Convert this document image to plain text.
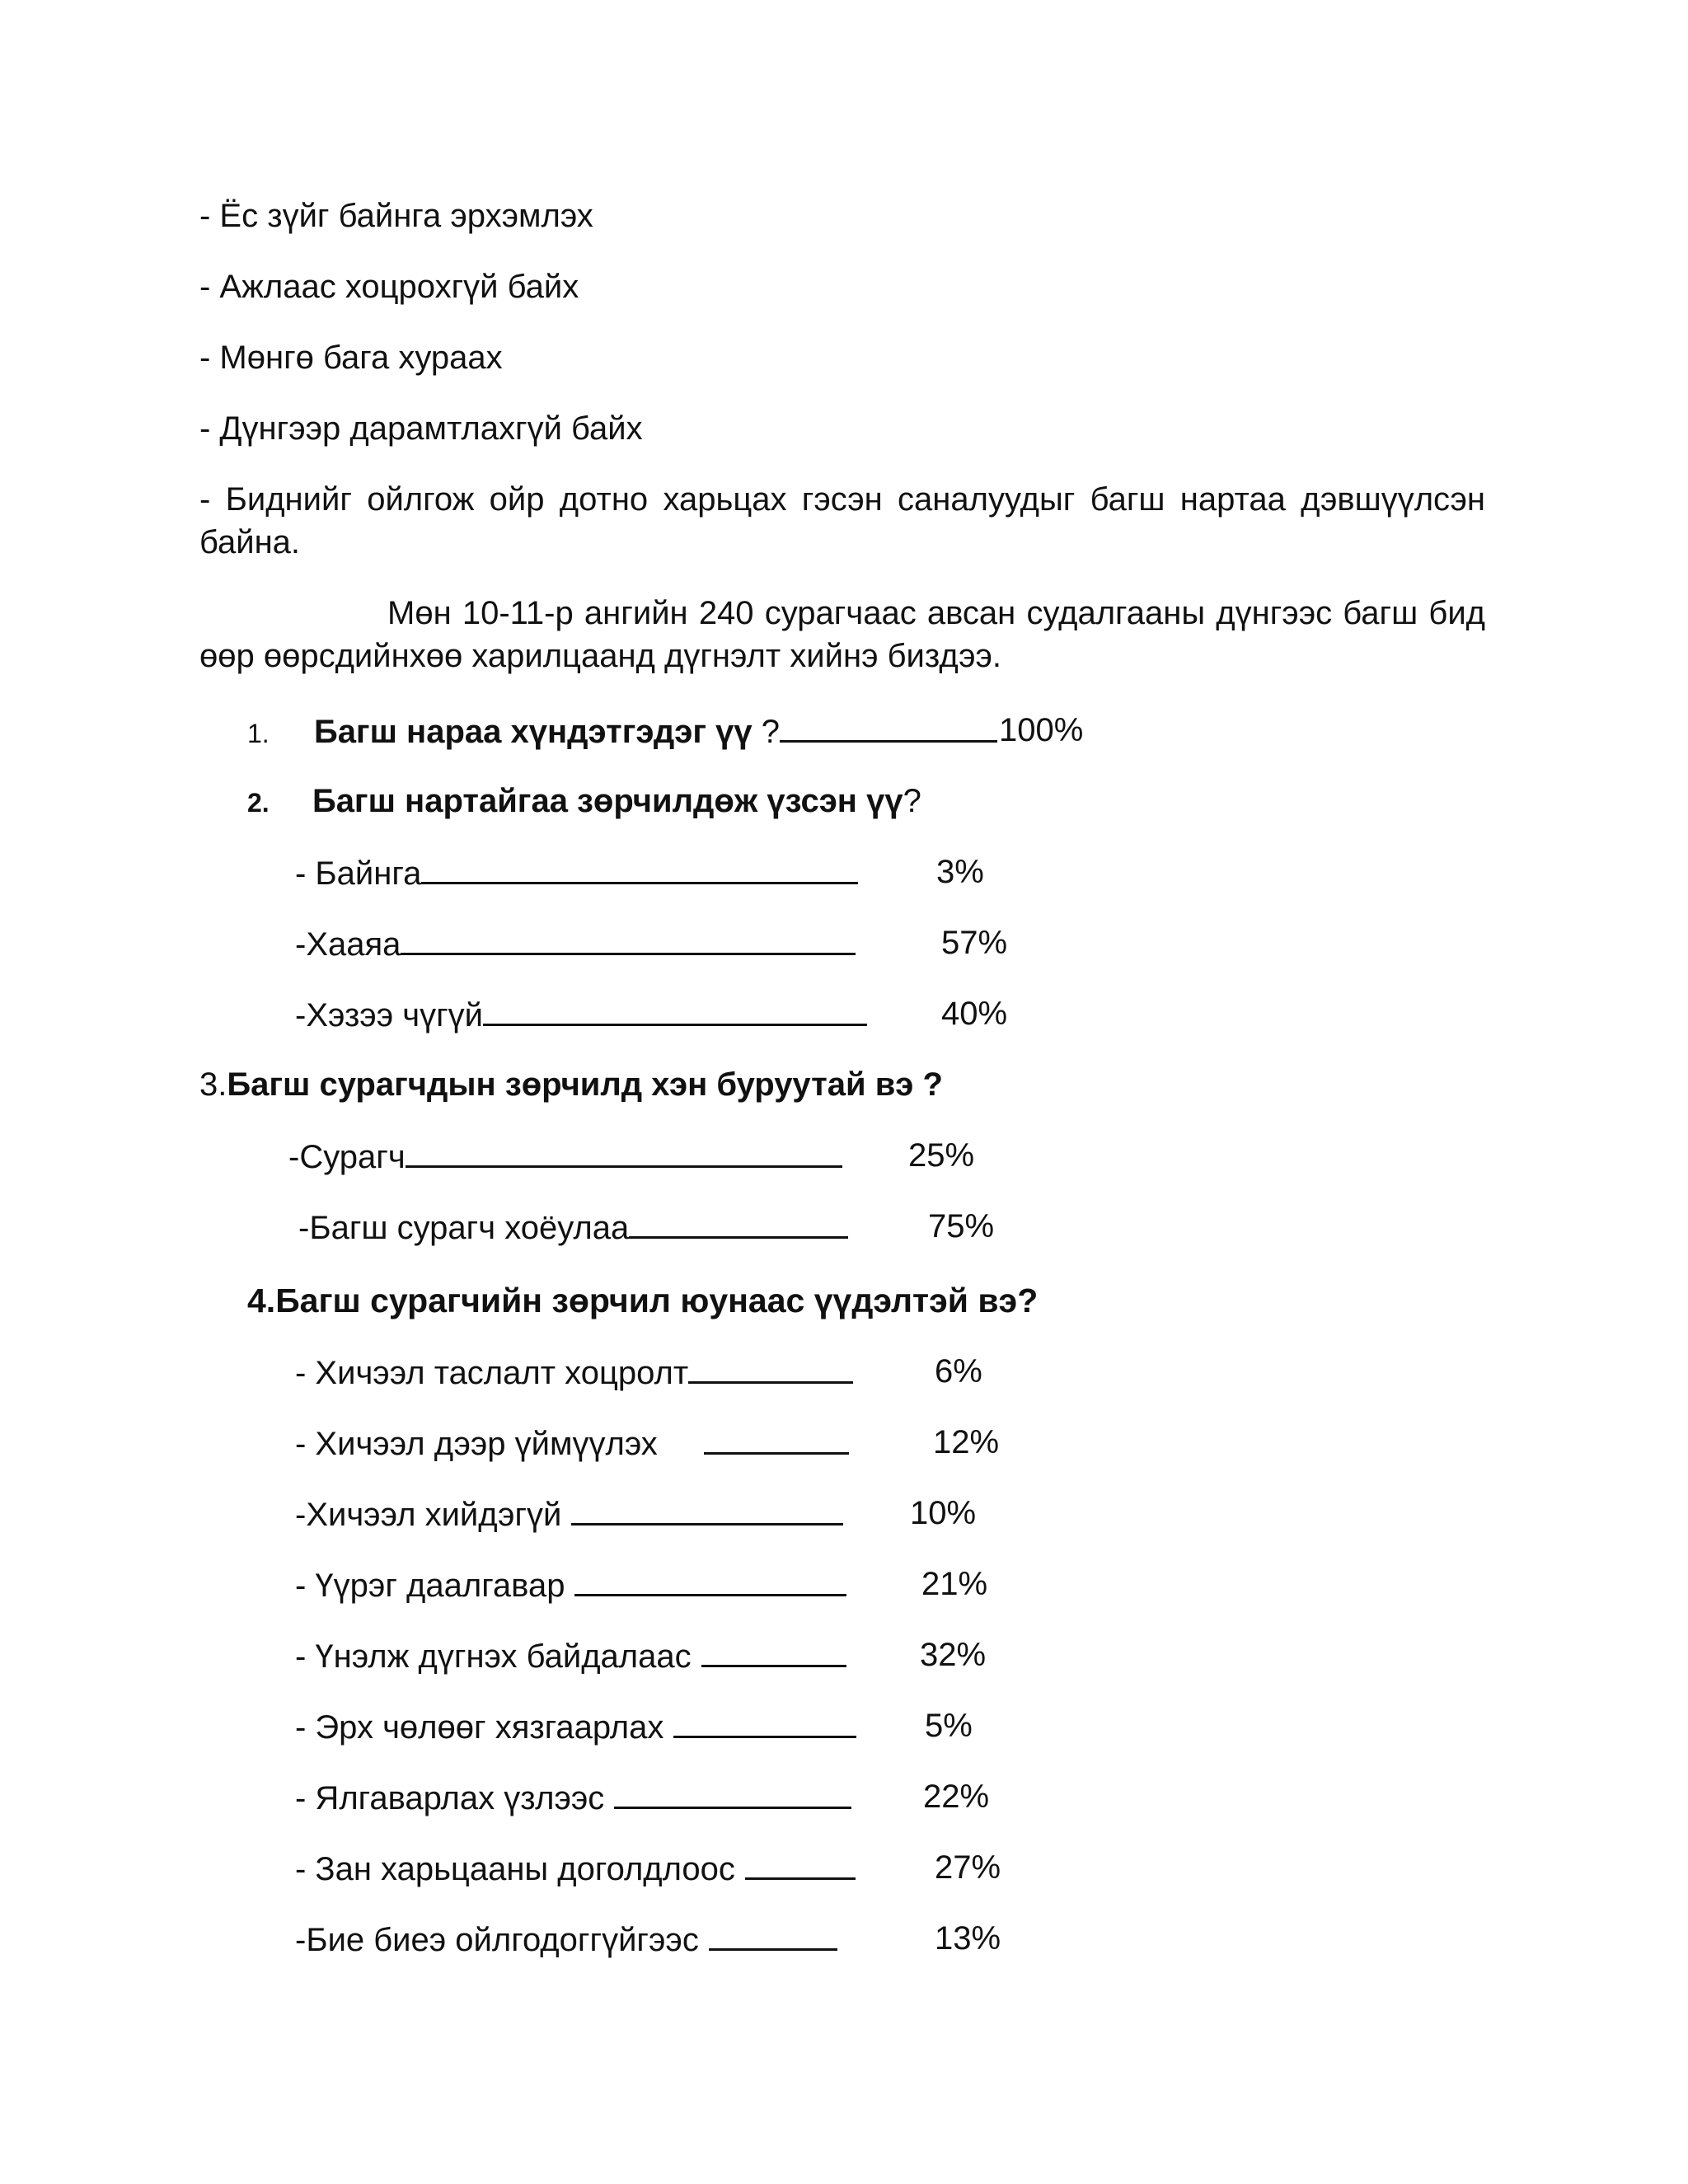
- Ёс зүйг байнга эрхэмлэх
- Ажлаас хоцрохгүй байх
- Мөнгө бага хураах
- Дүнгээр дарамтлахгүй байх
- Биднийг ойлгож ойр дотно харьцах гэсэн саналуудыг багш нартаа дэвшүүлсэн
байна.
Мөн 10-11-р ангийн 240 сурагчаас авсан судалгааны дүнгээс багш бид
өөр өөрсдийнхөө харилцаанд дүгнэлт хийнэ биздээ.
1. Багш нараа хүндэтгэдэг үү ?	100%
2. Багш нартайгаа зөрчилдөж үзсэн үү?
- Байнга	3%
-Хааяа	57%
-Хэзээ чүгүй	40%
3.Багш сурагчдын зөрчилд хэн буруутай вэ ?
-Сурагч	25%
-Багш сурагч хоёулаа	75%
4.Багш сурагчийн зөрчил юунаас үүдэлтэй вэ?
- Хичээл таслалт хоцролт	6%
- Хичээл дээр үймүүлэх	12%
-Хичээл хийдэгүй	10%
- Үүрэг даалгавар	21%
- Үнэлж дүгнэх байдалаас	32%
- Эрх чөлөөг хязгаарлах	5%
- Ялгаварлах үзлээс	22%
- Зан харьцааны доголдлоос	27%
-Бие биеэ ойлгодоггүйгээс	13%
